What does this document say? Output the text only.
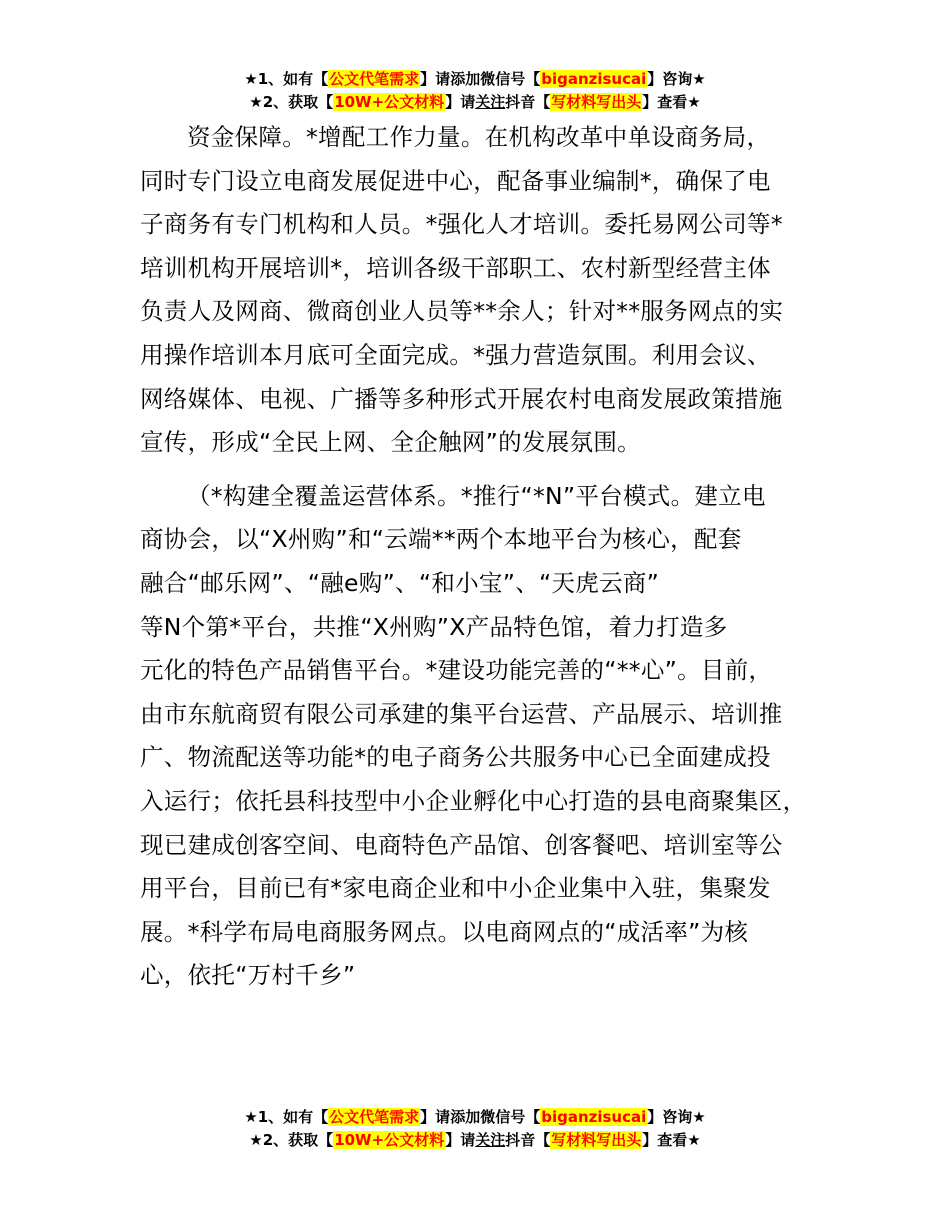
★1、如有【公文代笔需求】请添加微信号【biganzisucai】咨询★
★2、获取【10W+公文材料】请关注抖音【写材料写出头】查看★

资金保障。*增配工作力量。在机构改革中单设商务局，

同时专门设立电商发展促进中心，配备事业编制*，确保了电

子商务有专门机构和人员。*强化人才培训。委托易网公司等*

培训机构开展培训*，培训各级干部职工、农村新型经营主体

负责人及网商、微商创业人员等**余人；针对**服务网点的实

用操作培训本月底可全面完成。*强力营造氛围。利用会议、

网络媒体、电视、广播等多种形式开展农村电商发展政策措施

宣传，形成“全民上网、全企触网”的发展氛围。

（*构建全覆盖运营体系。*推行“*N”平台模式。建立电

商协会，以“X州购”和“云端**两个本地平台为核心，配套

融合“邮乐网”、“融e购”、“和小宝”、“天虎云商”

等N个第*平台，共推“X州购”X产品特色馆，着力打造多

元化的特色产品销售平台。*建设功能完善的“**心”。目前，

由市东航商贸有限公司承建的集平台运营、产品展示、培训推

广、物流配送等功能*的电子商务公共服务中心已全面建成投

入运行；依托县科技型中小企业孵化中心打造的县电商聚集区，

现已建成创客空间、电商特色产品馆、创客餐吧、培训室等公

用平台，目前已有*家电商企业和中小企业集中入驻，集聚发

展。*科学布局电商服务网点。以电商网点的“成活率”为核

心，依托“万村千乡”

★1、如有【公文代笔需求】请添加微信号【biganzisucai】咨询★
★2、获取【10W+公文材料】请关注抖音【写材料写出头】查看★
